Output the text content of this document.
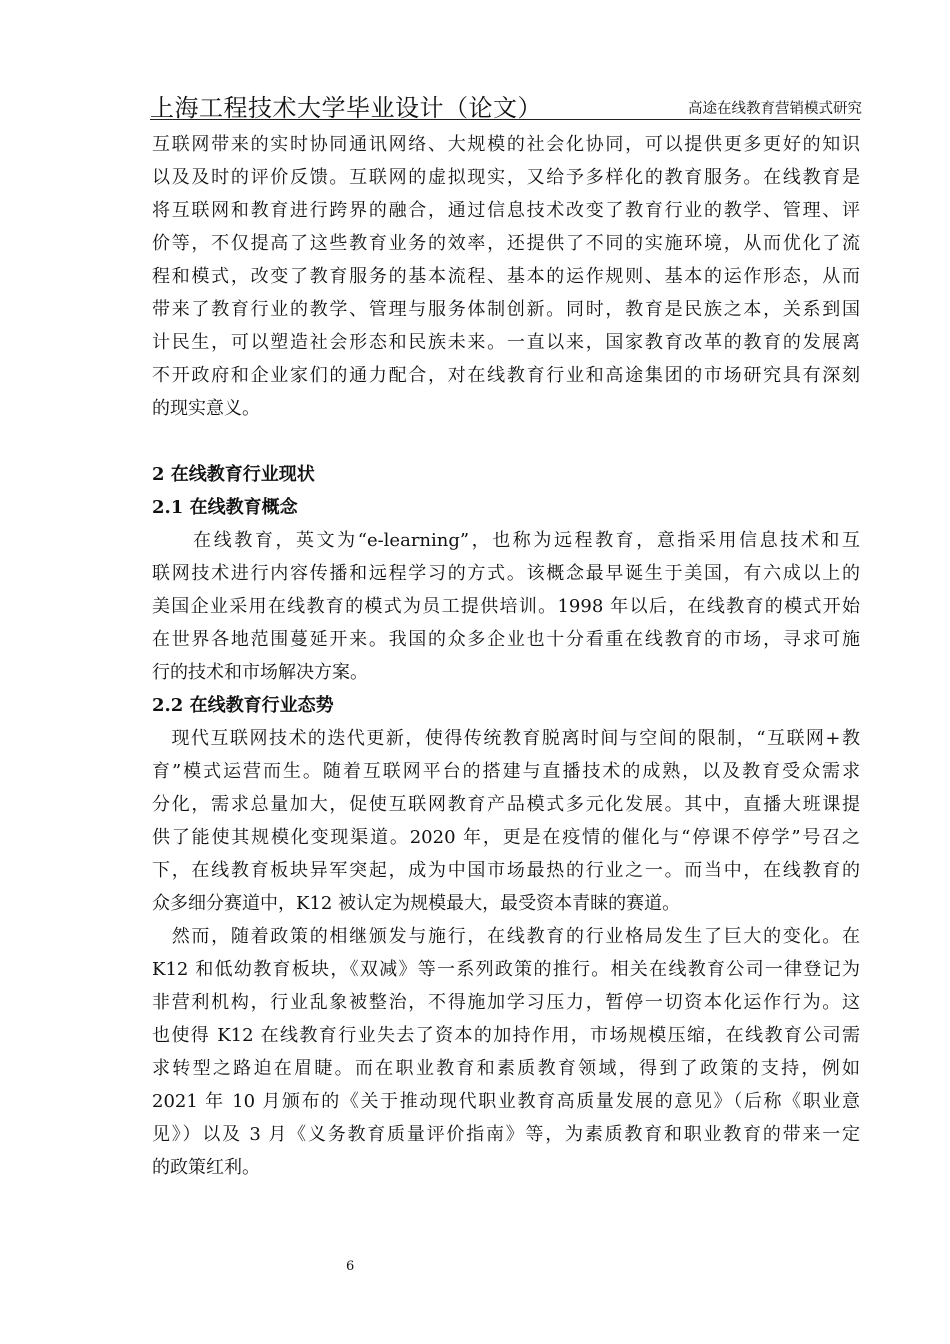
上海工程技术大学毕业设计（论文）	高途在线教育营销模式研究
互联网带来的实时协同通讯网络、大规模的社会化协同，可以提供更多更好的知识
以及及时的评价反馈。互联网的虚拟现实，又给予多样化的教育服务。在线教育是
将互联网和教育进行跨界的融合，通过信息技术改变了教育行业的教学、管理、评
价等，不仅提高了这些教育业务的效率，还提供了不同的实施环境，从而优化了流
程和模式，改变了教育服务的基本流程、基本的运作规则、基本的运作形态，从而
带来了教育行业的教学、管理与服务体制创新。同时，教育是民族之本，关系到国
计民生，可以塑造社会形态和民族未来。一直以来，国家教育改革的教育的发展离
不开政府和企业家们的通力配合，对在线教育行业和高途集团的市场研究具有深刻
的现实意义。
2 在线教育行业现状
2.1 在线教育概念
　　在线教育，英文为“e-learning”，也称为远程教育，意指采用信息技术和互
联网技术进行内容传播和远程学习的方式。该概念最早诞生于美国，有六成以上的
美国企业采用在线教育的模式为员工提供培训。1998 年以后，在线教育的模式开始
在世界各地范围蔓延开来。我国的众多企业也十分看重在线教育的市场，寻求可施
行的技术和市场解决方案。
2.2 在线教育行业态势
　现代互联网技术的迭代更新，使得传统教育脱离时间与空间的限制，“互联网+教
育”模式运营而生。随着互联网平台的搭建与直播技术的成熟，以及教育受众需求
分化，需求总量加大，促使互联网教育产品模式多元化发展。其中，直播大班课提
供了能使其规模化变现渠道。2020 年，更是在疫情的催化与“停课不停学”号召之
下，在线教育板块异军突起，成为中国市场最热的行业之一。而当中，在线教育的
众多细分赛道中，K12 被认定为规模最大，最受资本青睐的赛道。
　然而，随着政策的相继颁发与施行，在线教育的行业格局发生了巨大的变化。在
K12 和低幼教育板块，《双减》等一系列政策的推行。相关在线教育公司一律登记为
非营利机构，行业乱象被整治，不得施加学习压力，暂停一切资本化运作行为。这
也使得 K12 在线教育行业失去了资本的加持作用，市场规模压缩，在线教育公司需
求转型之路迫在眉睫。而在职业教育和素质教育领域，得到了政策的支持，例如
2021 年 10 月颁布的《关于推动现代职业教育高质量发展的意见》（后称《职业意
见》）以及 3 月《义务教育质量评价指南》等，为素质教育和职业教育的带来一定
的政策红利。
6
